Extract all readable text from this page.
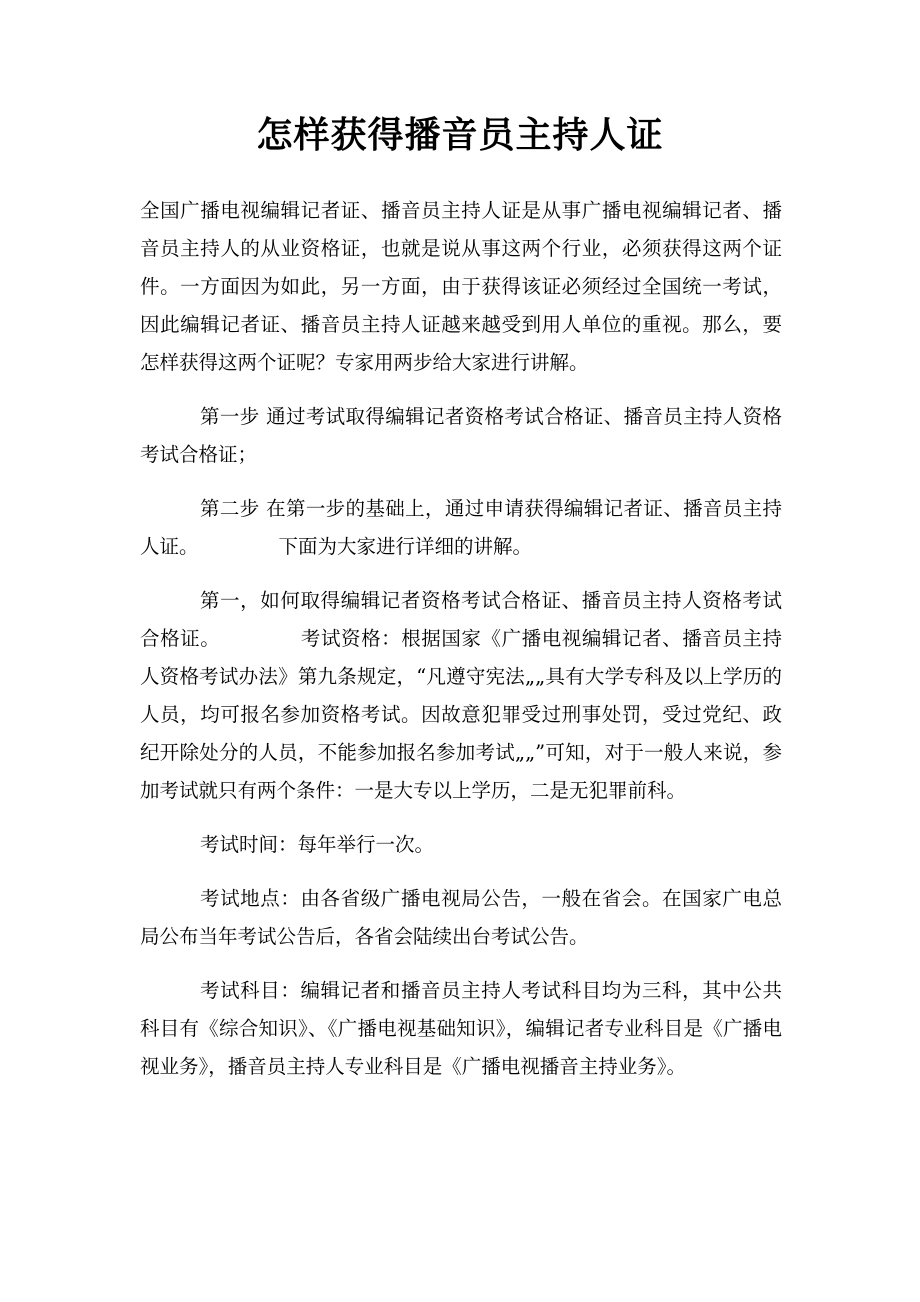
怎样获得播音员主持人证

全国广播电视编辑记者证、播音员主持人证是从事广播电视编辑记者、播音员主持人的从业资格证，也就是说从事这两个行业，必须获得这两个证件。一方面因为如此，另一方面，由于获得该证必须经过全国统一考试，因此编辑记者证、播音员主持人证越来越受到用人单位的重视。那么，要怎样获得这两个证呢？专家用两步给大家进行讲解。

第一步 通过考试取得编辑记者资格考试合格证、播音员主持人资格考试合格证；

第二步 在第一步的基础上，通过申请获得编辑记者证、播音员主持人证。	下面为大家进行详细的讲解。

第一，如何取得编辑记者资格考试合格证、播音员主持人资格考试合格证。	考试资格：根据国家《广播电视编辑记者、播音员主持人资格考试办法》第九条规定，“凡遵守宪法„„具有大学专科及以上学历的人员，均可报名参加资格考试。因故意犯罪受过刑事处罚，受过党纪、政纪开除处分的人员，不能参加报名参加考试„„”可知，对于一般人来说，参加考试就只有两个条件：一是大专以上学历，二是无犯罪前科。

考试时间：每年举行一次。

考试地点：由各省级广播电视局公告，一般在省会。在国家广电总局公布当年考试公告后，各省会陆续出台考试公告。

考试科目：编辑记者和播音员主持人考试科目均为三科，其中公共科目有《综合知识》、《广播电视基础知识》，编辑记者专业科目是《广播电视业务》，播音员主持人专业科目是《广播电视播音主持业务》。
